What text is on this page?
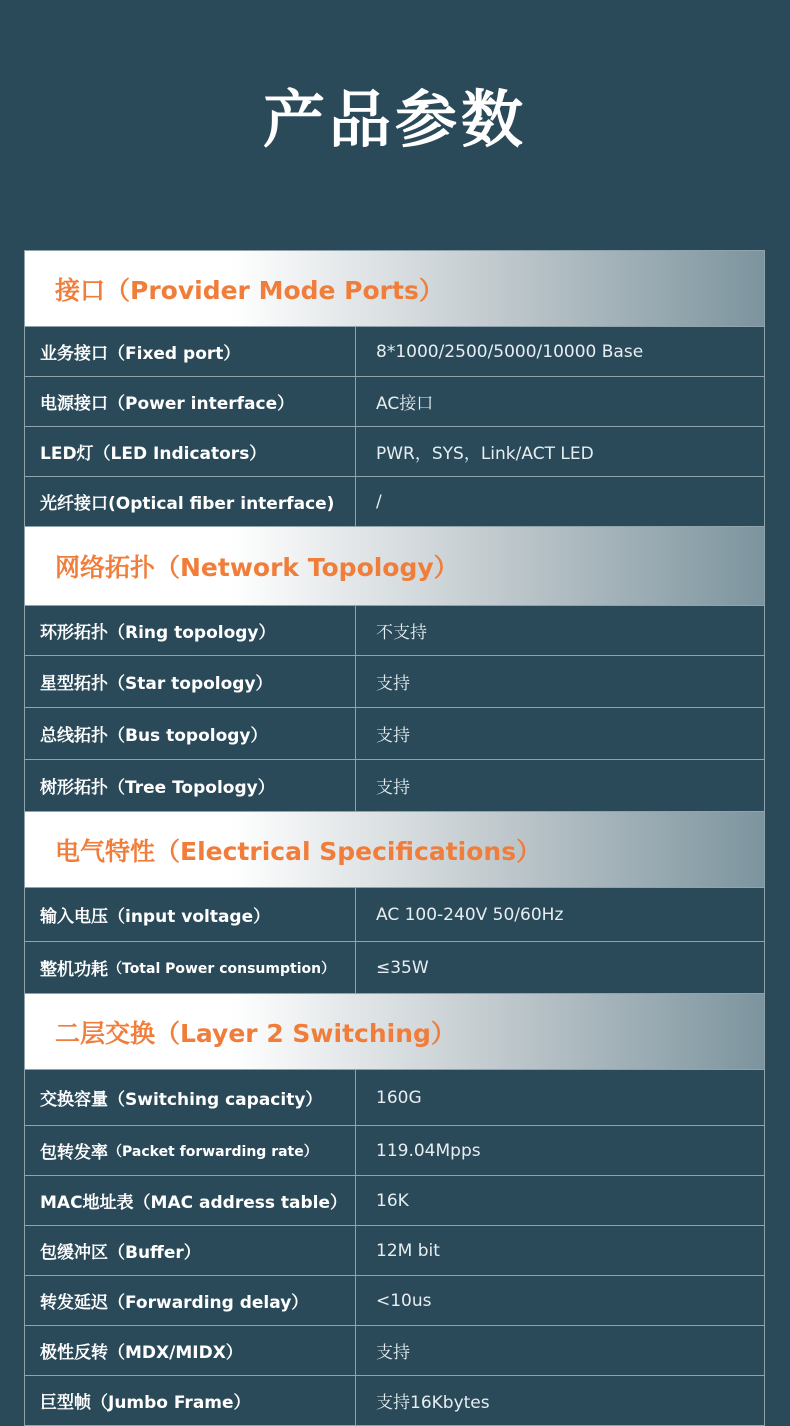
产品参数
接口（Provider Mode Ports）
业务接口（Fixed port）	8*1000/2500/5000/10000 Base
电源接口（Power interface）	AC接口
LED灯（LED Indicators）	PWR，SYS，Link/ACT LED
光纤接口(Optical fiber interface)	/
网络拓扑（Network Topology）
环形拓扑（Ring topology）	不支持
星型拓扑（Star topology）	支持
总线拓扑（Bus topology）	支持
树形拓扑（Tree Topology）	支持
电气特性（Electrical Specifications）
输入电压（input voltage）	AC 100-240V 50/60Hz
整机功耗 （Total Power consumption）	≤35W
二层交换（Layer 2 Switching）
交换容量（Switching capacity）	160G
包转发率 （Packet forwarding rate）	119.04Mpps
MAC地址表（MAC address table）	16K
包缓冲区（Buffer）	12M bit
转发延迟（Forwarding delay）	<10us
极性反转（MDX/MIDX）	支持
巨型帧（Jumbo Frame）	支持16Kbytes
